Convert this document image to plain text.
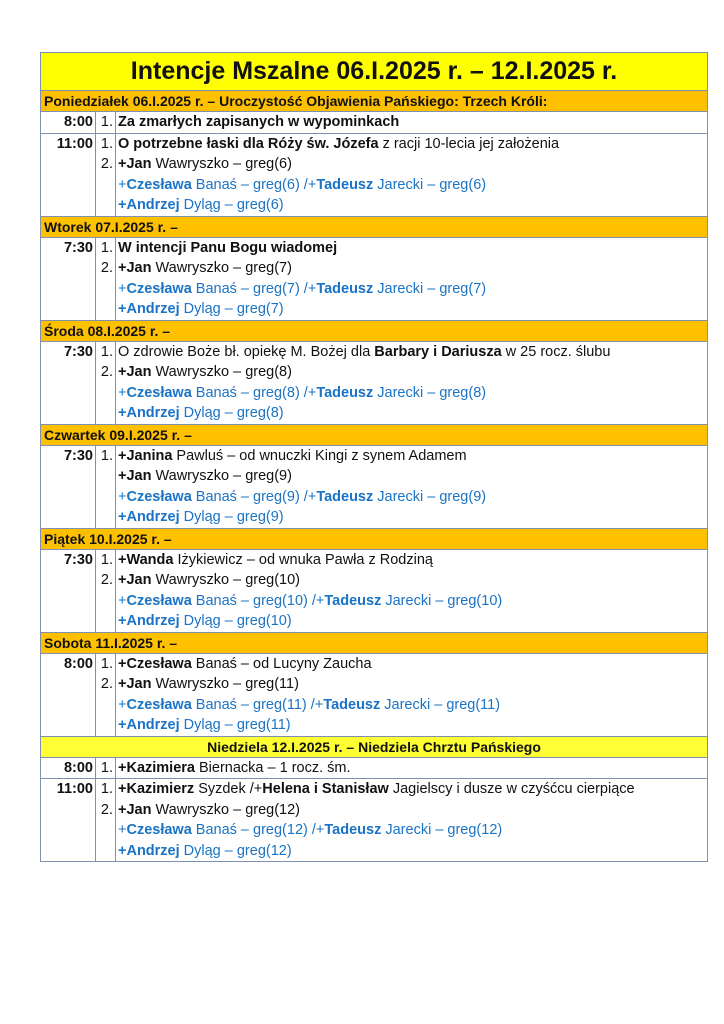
Intencje Mszalne 06.I.2025 r. – 12.I.2025 r.
Poniedziałek 06.I.2025 r. – Uroczystość Objawienia Pańskiego: Trzech Króli:
8:00 1. Za zmarłych zapisanych w wypominkach
11:00 1.
2.
O potrzebne łaski dla Róży św. Józefa z racji 10-lecia jej założenia
+Jan Wawryszko – greg(6)
+Czesława Banaś – greg(6) /+Tadeusz Jarecki – greg(6)
+Andrzej Dyląg – greg(6)
Wtorek 07.I.2025 r. –
7:30 1.
2.
W intencji Panu Bogu wiadomej
+Jan Wawryszko – greg(7)
+Czesława Banaś – greg(7) /+Tadeusz Jarecki – greg(7)
+Andrzej Dyląg – greg(7)
Środa 08.I.2025 r. –
7:30 1.
2.
O zdrowie Boże bł. opiekę M. Bożej dla Barbary i Dariusza w 25 rocz. ślubu
+Jan Wawryszko – greg(8)
+Czesława Banaś – greg(8) /+Tadeusz Jarecki – greg(8)
+Andrzej Dyląg – greg(8)
Czwartek 09.I.2025 r. –
7:30 1. +Janina Pawluś – od wnuczki Kingi z synem Adamem
+Jan Wawryszko – greg(9)
+Czesława Banaś – greg(9) /+Tadeusz Jarecki – greg(9)
+Andrzej Dyląg – greg(9)
Piątek 10.I.2025 r. –
7:30 1.
2.
+Wanda Iżykiewicz – od wnuka Pawła z Rodziną
+Jan Wawryszko – greg(10)
+Czesława Banaś – greg(10) /+Tadeusz Jarecki – greg(10)
+Andrzej Dyląg – greg(10)
Sobota 11.I.2025 r. –
8:00 1.
2.
+Czesława Banaś – od Lucyny Zaucha
+Jan Wawryszko – greg(11)
+Czesława Banaś – greg(11) /+Tadeusz Jarecki – greg(11)
+Andrzej Dyląg – greg(11)
Niedziela 12.I.2025 r. – Niedziela Chrztu Pańskiego
8:00 1. +Kazimiera Biernacka – 1 rocz. śm.
11:00 1.
2.
+Kazimierz Syzdek /+Helena i Stanisław Jagielscy i dusze w czyśćcu cierpiące
+Jan Wawryszko – greg(12)
+Czesława Banaś – greg(12) /+Tadeusz Jarecki – greg(12)
+Andrzej Dyląg – greg(12)
